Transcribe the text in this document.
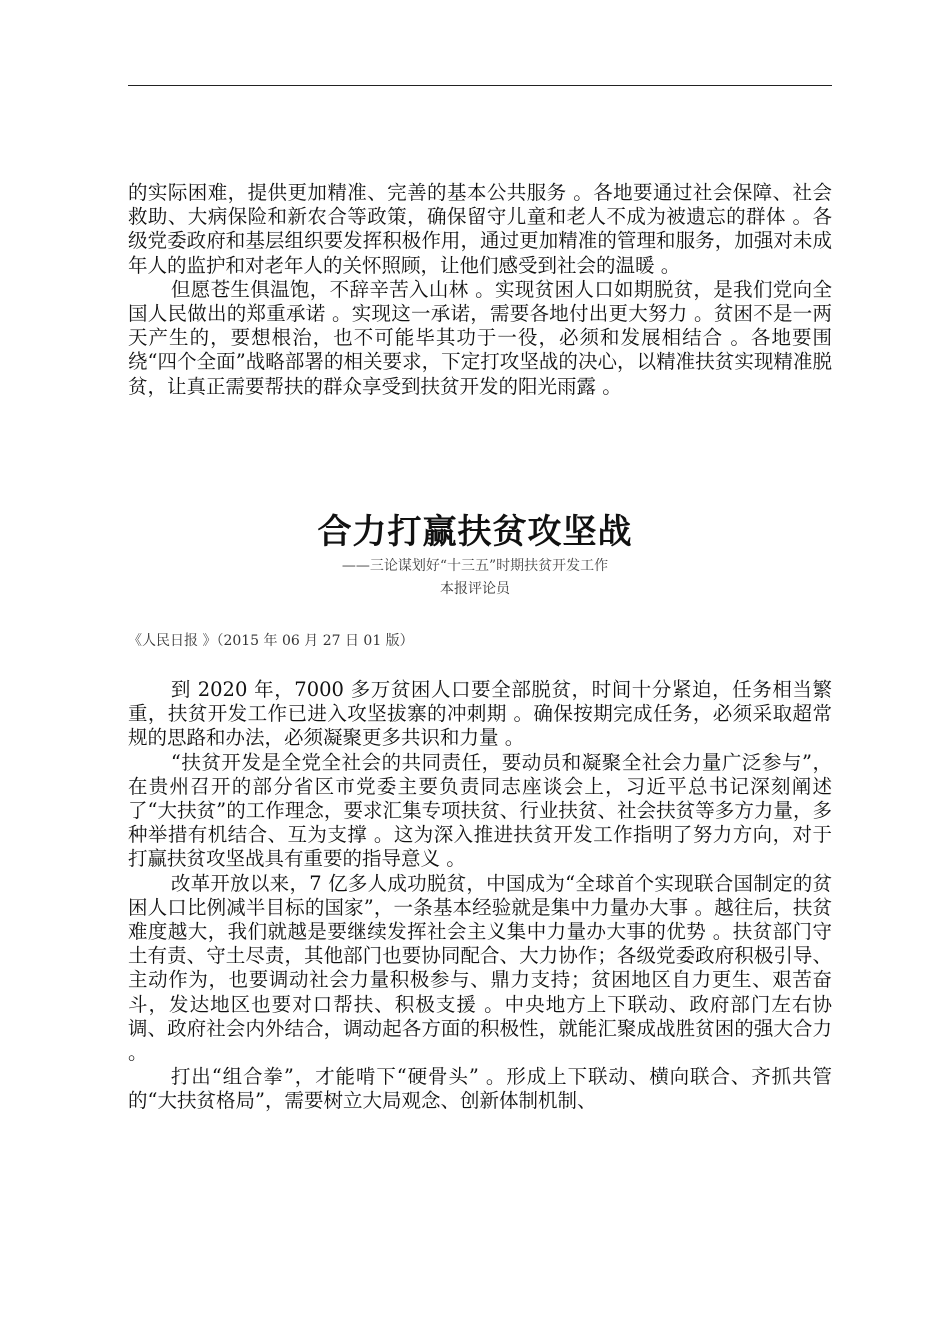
的实际困难，提供更加精准、完善的基本公共服务 。各地要通过社会保障、社会救助、大病保险和新农合等政策，确保留守儿童和老人不成为被遗忘的群体 。各级党委政府和基层组织要发挥积极作用，通过更加精准的管理和服务，加强对未成年人的监护和对老年人的关怀照顾，让他们感受到社会的温暖 。

但愿苍生俱温饱，不辞辛苦入山林 。实现贫困人口如期脱贫，是我们党向全国人民做出的郑重承诺 。实现这一承诺，需要各地付出更大努力 。贫困不是一两天产生的，要想根治，也不可能毕其功于一役，必须和发展相结合 。各地要围绕“四个全面”战略部署的相关要求，下定打攻坚战的决心，以精准扶贫实现精准脱贫，让真正需要帮扶的群众享受到扶贫开发的阳光雨露 。

合力打赢扶贫攻坚战
——三论谋划好“十三五”时期扶贫开发工作
本报评论员
《人民日报 》（2015 年 06 月 27 日 01 版）

到 2020 年，7000 多万贫困人口要全部脱贫，时间十分紧迫，任务相当繁重，扶贫开发工作已进入攻坚拔寨的冲刺期 。确保按期完成任务，必须采取超常规的思路和办法，必须凝聚更多共识和力量 。

“扶贫开发是全党全社会的共同责任，要动员和凝聚全社会力量广泛参与”，在贵州召开的部分省区市党委主要负责同志座谈会上，习近平总书记深刻阐述了“大扶贫”的工作理念，要求汇集专项扶贫、行业扶贫、社会扶贫等多方力量，多种举措有机结合、互为支撑 。这为深入推进扶贫开发工作指明了努力方向，对于打赢扶贫攻坚战具有重要的指导意义 。

改革开放以来，7 亿多人成功脱贫，中国成为“全球首个实现联合国制定的贫困人口比例减半目标的国家”，一条基本经验就是集中力量办大事 。越往后，扶贫难度越大，我们就越是要继续发挥社会主义集中力量办大事的优势 。扶贫部门守土有责、守土尽责，其他部门也要协同配合、大力协作；各级党委政府积极引导、主动作为，也要调动社会力量积极参与、鼎力支持；贫困地区自力更生、艰苦奋斗，发达地区也要对口帮扶、积极支援 。中央地方上下联动、政府部门左右协调、政府社会内外结合，调动起各方面的积极性，就能汇聚成战胜贫困的强大合力 。

打出“组合拳”，才能啃下“硬骨头” 。形成上下联动、横向联合、齐抓共管的“大扶贫格局”，需要树立大局观念、创新体制机制、
